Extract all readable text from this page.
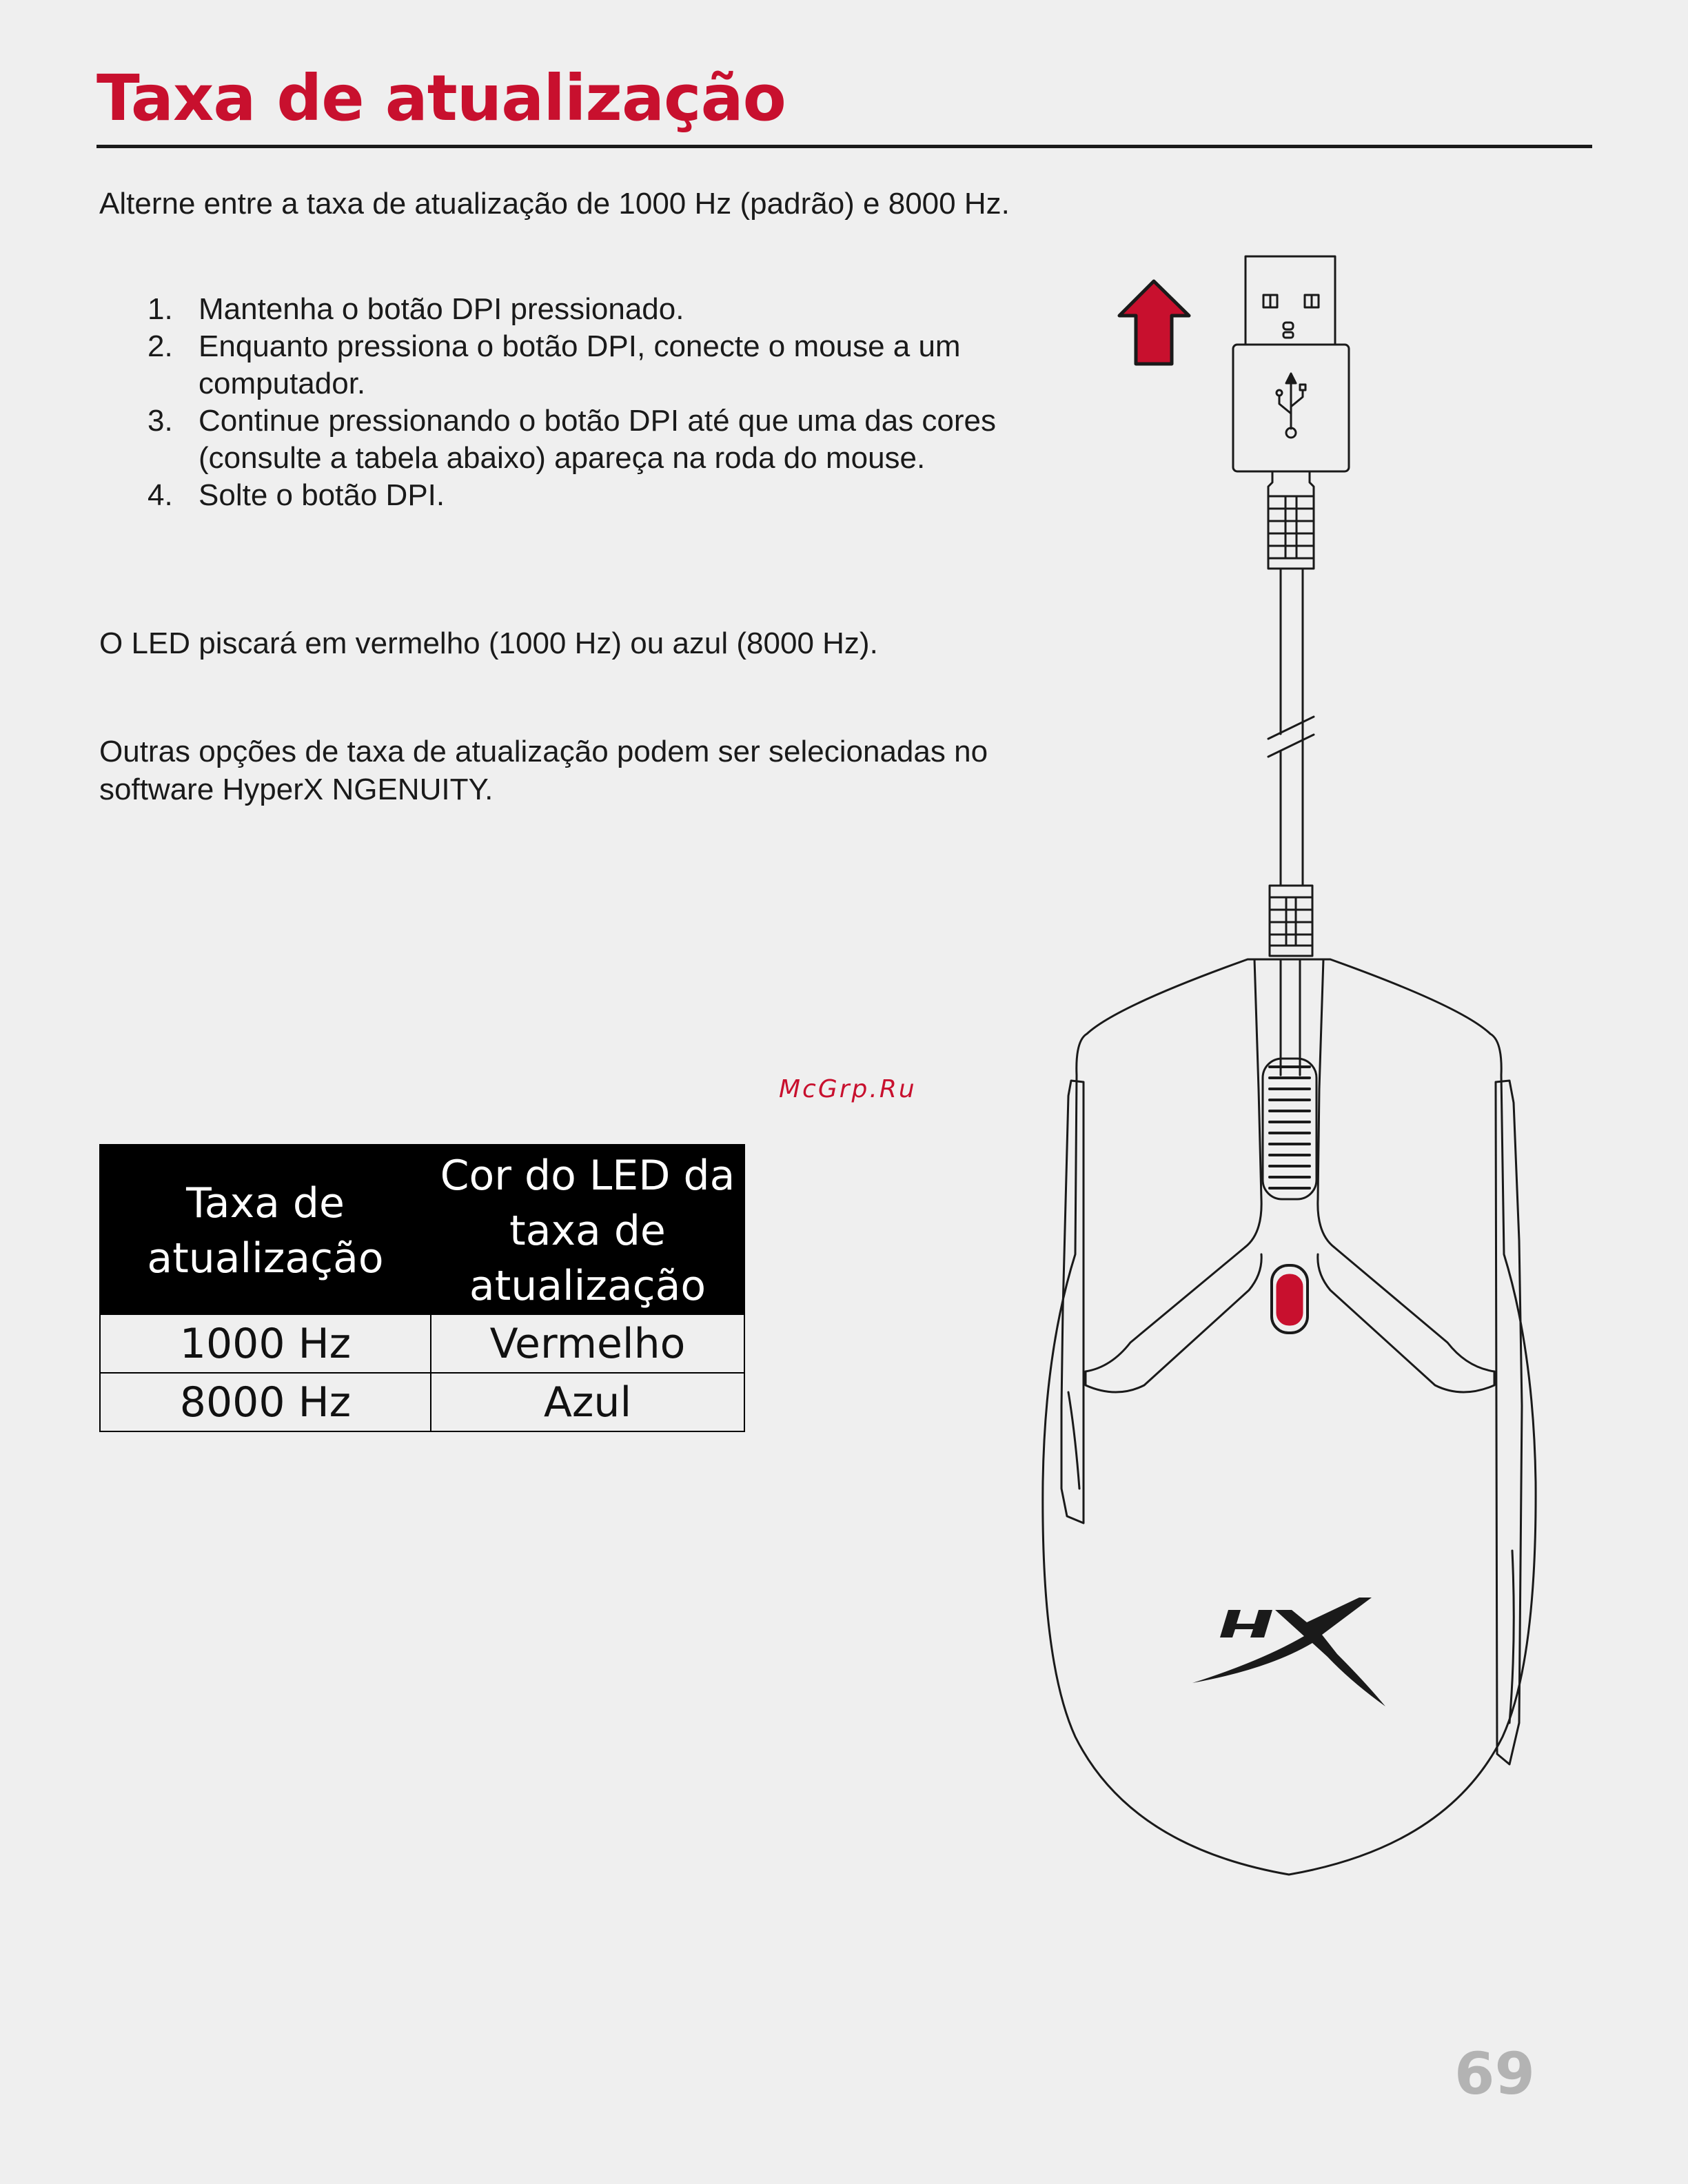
Taxa de atualização

Alterne entre a taxa de atualização de 1000 Hz (padrão) e 8000 Hz.

1. Mantenha o botão DPI pressionado.
2. Enquanto pressiona o botão DPI, conecte o mouse a um computador.
3. Continue pressionando o botão DPI até que uma das cores (consulte a tabela abaixo) apareça na roda do mouse.
4. Solte o botão DPI.

O LED piscará em vermelho (1000 Hz) ou azul (8000 Hz).

Outras opções de taxa de atualização podem ser selecionadas no software HyperX NGENUITY.

McGrp.Ru
Taxa de atualização	Cor do LED da taxa de atualização
1000 Hz	Vermelho
8000 Hz	Azul
69
